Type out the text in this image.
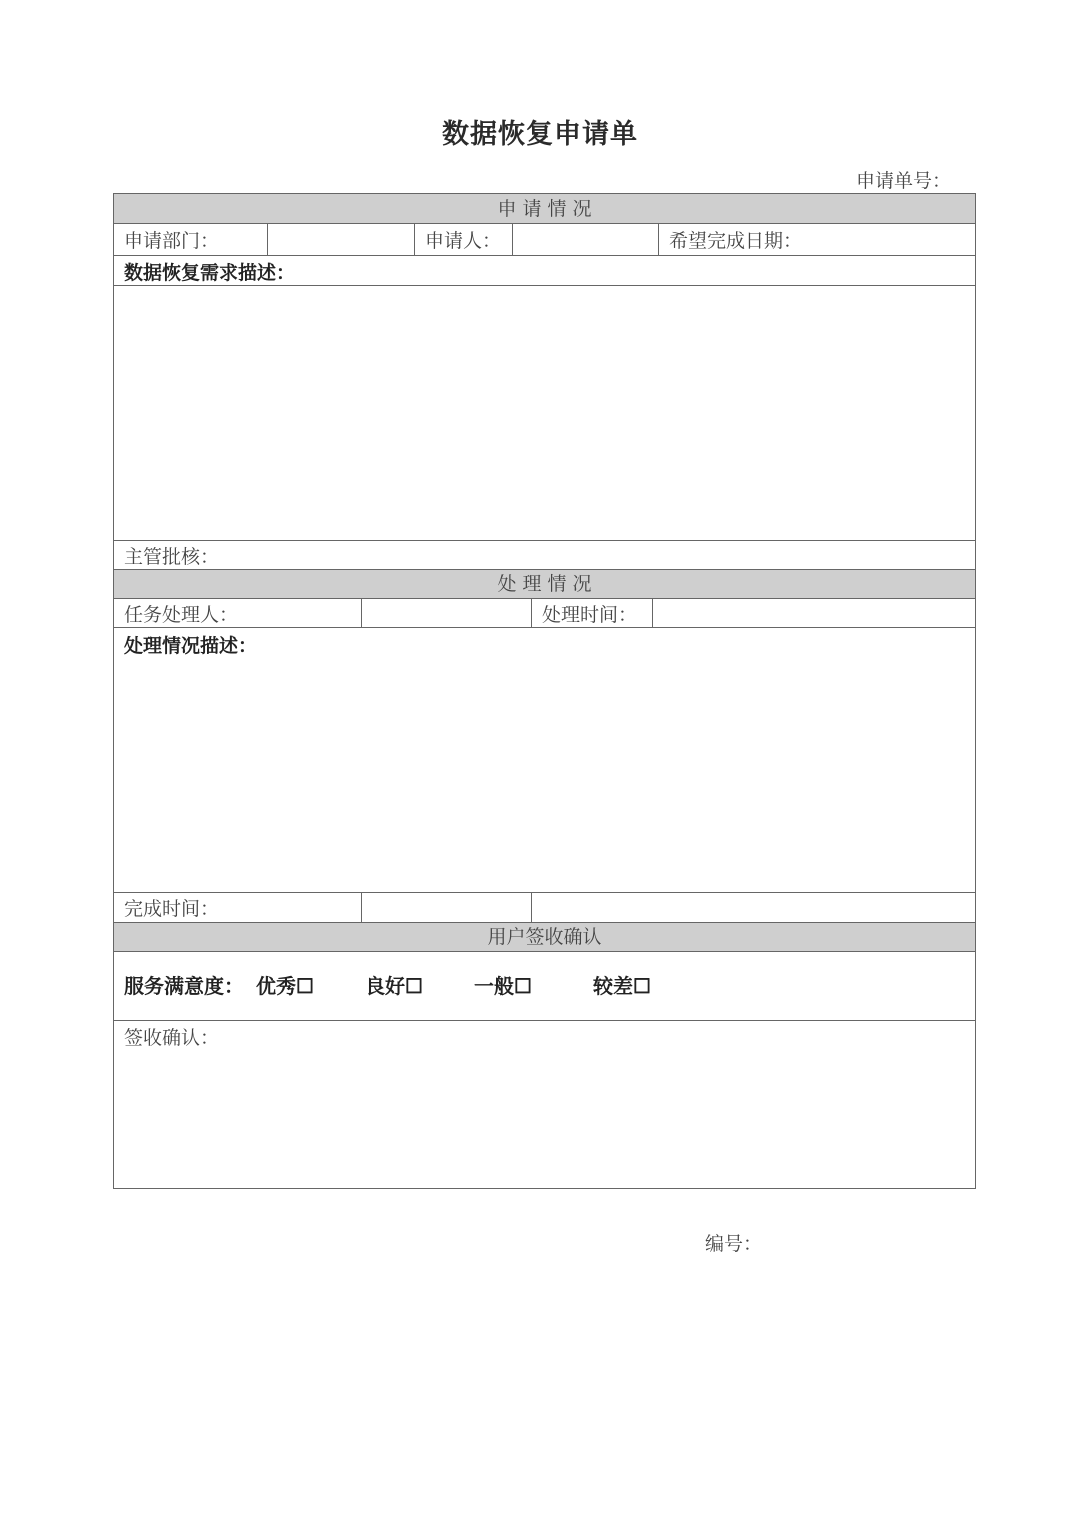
数据恢复申请单
申请单号：
申 请 情 况
申请部门：	申请人：	希望完成日期：
数据恢复需求描述：
主管批核：
处 理 情 况
任务处理人：	处理时间：
处理情况描述：
完成时间：
用户签收确认
服务满意度： 优秀☐	良好☐	一般☐	较差☐
签收确认：
编号：
